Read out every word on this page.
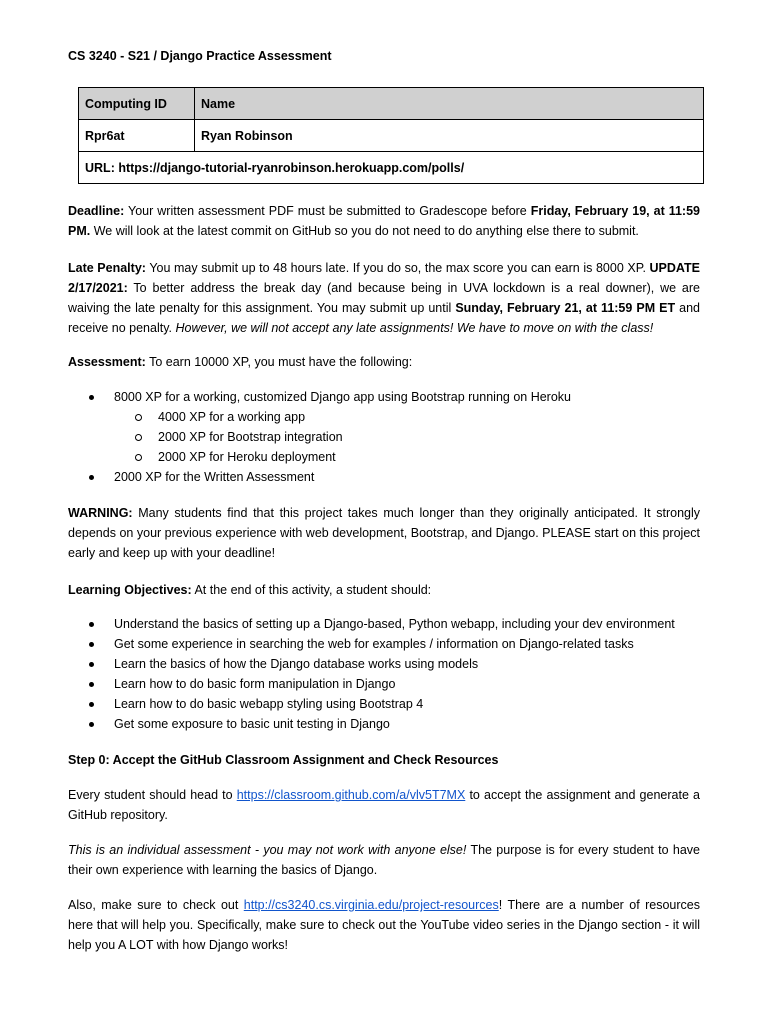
CS 3240 - S21 / Django Practice Assessment
Computing ID	Name
Rpr6at	Ryan Robinson
URL: https://django-tutorial-ryanrobinson.herokuapp.com/polls/	
Deadline: Your written assessment PDF must be submitted to Gradescope before Friday, February 19, at 11:59 PM. We will look at the latest commit on GitHub so you do not need to do anything else there to submit.
Late Penalty: You may submit up to 48 hours late. If you do so, the max score you can earn is 8000 XP. UPDATE 2/17/2021: To better address the break day (and because being in UVA lockdown is a real downer), we are waiving the late penalty for this assignment. You may submit up until Sunday, February 21, at 11:59 PM ET and receive no penalty. However, we will not accept any late assignments! We have to move on with the class!
Assessment: To earn 10000 XP, you must have the following:
8000 XP for a working, customized Django app using Bootstrap running on Heroku
4000 XP for a working app
2000 XP for Bootstrap integration
2000 XP for Heroku deployment
2000 XP for the Written Assessment
WARNING: Many students find that this project takes much longer than they originally anticipated. It strongly depends on your previous experience with web development, Bootstrap, and Django. PLEASE start on this project early and keep up with your deadline!
Learning Objectives: At the end of this activity, a student should:
Understand the basics of setting up a Django-based, Python webapp, including your dev environment
Get some experience in searching the web for examples / information on Django-related tasks
Learn the basics of how the Django database works using models
Learn how to do basic form manipulation in Django
Learn how to do basic webapp styling using Bootstrap 4
Get some exposure to basic unit testing in Django
Step 0: Accept the GitHub Classroom Assignment and Check Resources
Every student should head to https://classroom.github.com/a/vlv5T7MX to accept the assignment and generate a GitHub repository.
This is an individual assessment - you may not work with anyone else! The purpose is for every student to have their own experience with learning the basics of Django.
Also, make sure to check out http://cs3240.cs.virginia.edu/project-resources! There are a number of resources here that will help you. Specifically, make sure to check out the YouTube video series in the Django section - it will help you A LOT with how Django works!
